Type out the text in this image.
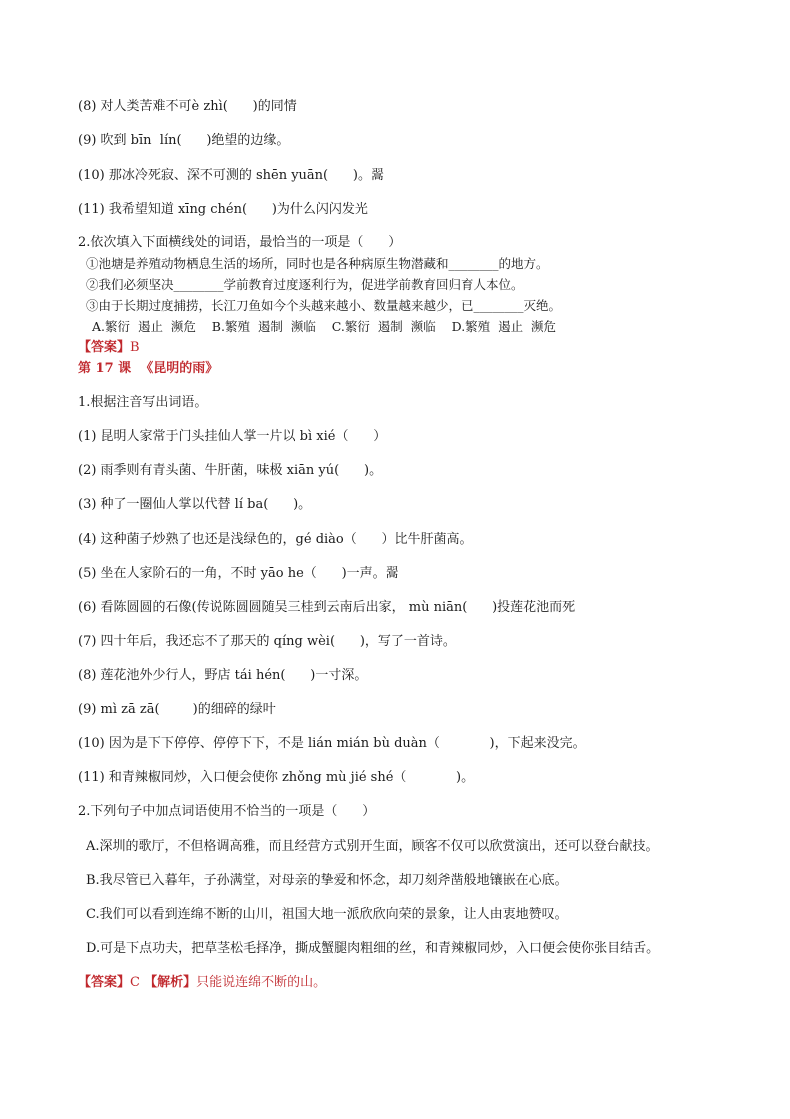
(8) 对人类苦难不可è zhì(      )的同情
(9) 吹到 bīn  lín(      )绝望的边缘。
(10) 那冰冷死寂、深不可测的 shēn yuān(      )。翯
(11) 我希望知道 xīng chén(      )为什么闪闪发光
2.依次填入下面横线处的词语，最恰当的一项是（      ）
①池塘是养殖动物栖息生活的场所，同时也是各种病原生物潜藏和________的地方。
②我们必须坚决________学前教育过度逐利行为，促进学前教育回归育人本位。
③由于长期过度捕捞，长江刀鱼如今个头越来越小、数量越来越少，已________灭绝。
A.繁衍  遏止  濒危    B.繁殖  遏制  濒临    C.繁衍  遏制  濒临    D.繁殖  遏止  濒危
【答案】B
第 17 课  《昆明的雨》
1.根据注音写出词语。
(1) 昆明人家常于门头挂仙人掌一片以 bì xié（      ）
(2) 雨季则有青头菌、牛肝菌，味极 xiān yú(      )。
(3) 种了一圈仙人掌以代替 lí ba(      )。
(4) 这种菌子炒熟了也还是浅绿色的，gé diào（      ）比牛肝菌高。
(5) 坐在人家阶石的一角，不时 yāo he（      )一声。翯
(6) 看陈圆圆的石像(传说陈圆圆随吴三桂到云南后出家， mù niān(      )投莲花池而死
(7) 四十年后，我还忘不了那天的 qíng wèi(      )，写了一首诗。
(8) 莲花池外少行人，野店 tái hén(      )一寸深。
(9) mì zā zā(        )的细碎的绿叶
(10) 因为是下下停停、停停下下，不是 lián mián bù duàn（            )，下起来没完。
(11) 和青辣椒同炒，入口便会使你 zhǒng mù jié shé（            )。
2.下列句子中加点词语使用不恰当的一项是（      ）
A.深圳的歌厅，不但格调高雅，而且经营方式别开生面，顾客不仅可以欣赏演出，还可以登台献技。
B.我尽管已入暮年，子孙满堂，对母亲的挚爱和怀念，却刀刻斧凿般地镶嵌在心底。
C.我们可以看到连绵不断的山川，祖国大地一派欣欣向荣的景象，让人由衷地赞叹。
D.可是下点功夫，把草茎松毛择净，撕成蟹腿肉粗细的丝，和青辣椒同炒，入口便会使你张目结舌。
【答案】C 【解析】只能说连绵不断的山。
